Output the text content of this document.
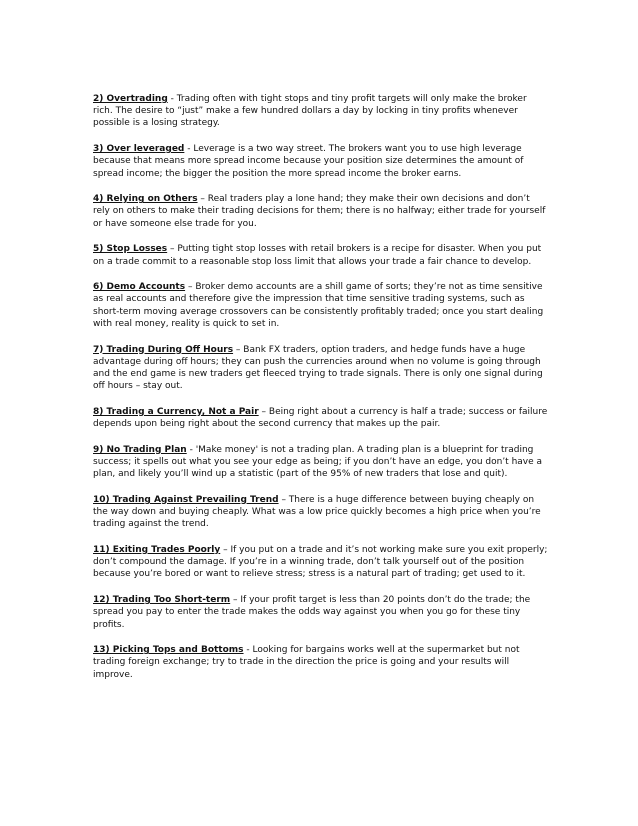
2) Overtrading - Trading often with tight stops and tiny profit targets will only make the broker rich. The desire to “just” make a few hundred dollars a day by locking in tiny profits whenever possible is a losing strategy.

3) Over leveraged - Leverage is a two way street. The brokers want you to use high leverage because that means more spread income because your position size determines the amount of spread income; the bigger the position the more spread income the broker earns.

4) Relying on Others – Real traders play a lone hand; they make their own decisions and don’t rely on others to make their trading decisions for them; there is no halfway; either trade for yourself or have someone else trade for you.

5) Stop Losses – Putting tight stop losses with retail brokers is a recipe for disaster. When you put on a trade commit to a reasonable stop loss limit that allows your trade a fair chance to develop.

6) Demo Accounts – Broker demo accounts are a shill game of sorts; they’re not as time sensitive as real accounts and therefore give the impression that time sensitive trading systems, such as short-term moving average crossovers can be consistently profitably traded; once you start dealing with real money, reality is quick to set in.

7) Trading During Off Hours – Bank FX traders, option traders, and hedge funds have a huge advantage during off hours; they can push the currencies around when no volume is going through and the end game is new traders get fleeced trying to trade signals. There is only one signal during off hours – stay out.

8) Trading a Currency, Not a Pair – Being right about a currency is half a trade; success or failure depends upon being right about the second currency that makes up the pair.

9) No Trading Plan - 'Make money' is not a trading plan. A trading plan is a blueprint for trading success; it spells out what you see your edge as being; if you don’t have an edge, you don’t have a plan, and likely you’ll wind up a statistic (part of the 95% of new traders that lose and quit).

10) Trading Against Prevailing Trend – There is a huge difference between buying cheaply on the way down and buying cheaply. What was a low price quickly becomes a high price when you’re trading against the trend.

11) Exiting Trades Poorly – If you put on a trade and it’s not working make sure you exit properly; don’t compound the damage. If you’re in a winning trade, don’t talk yourself out of the position because you’re bored or want to relieve stress; stress is a natural part of trading; get used to it.

12) Trading Too Short-term – If your profit target is less than 20 points don’t do the trade; the spread you pay to enter the trade makes the odds way against you when you go for these tiny profits.

13) Picking Tops and Bottoms - Looking for bargains works well at the supermarket but not trading foreign exchange; try to trade in the direction the price is going and your results will improve.
